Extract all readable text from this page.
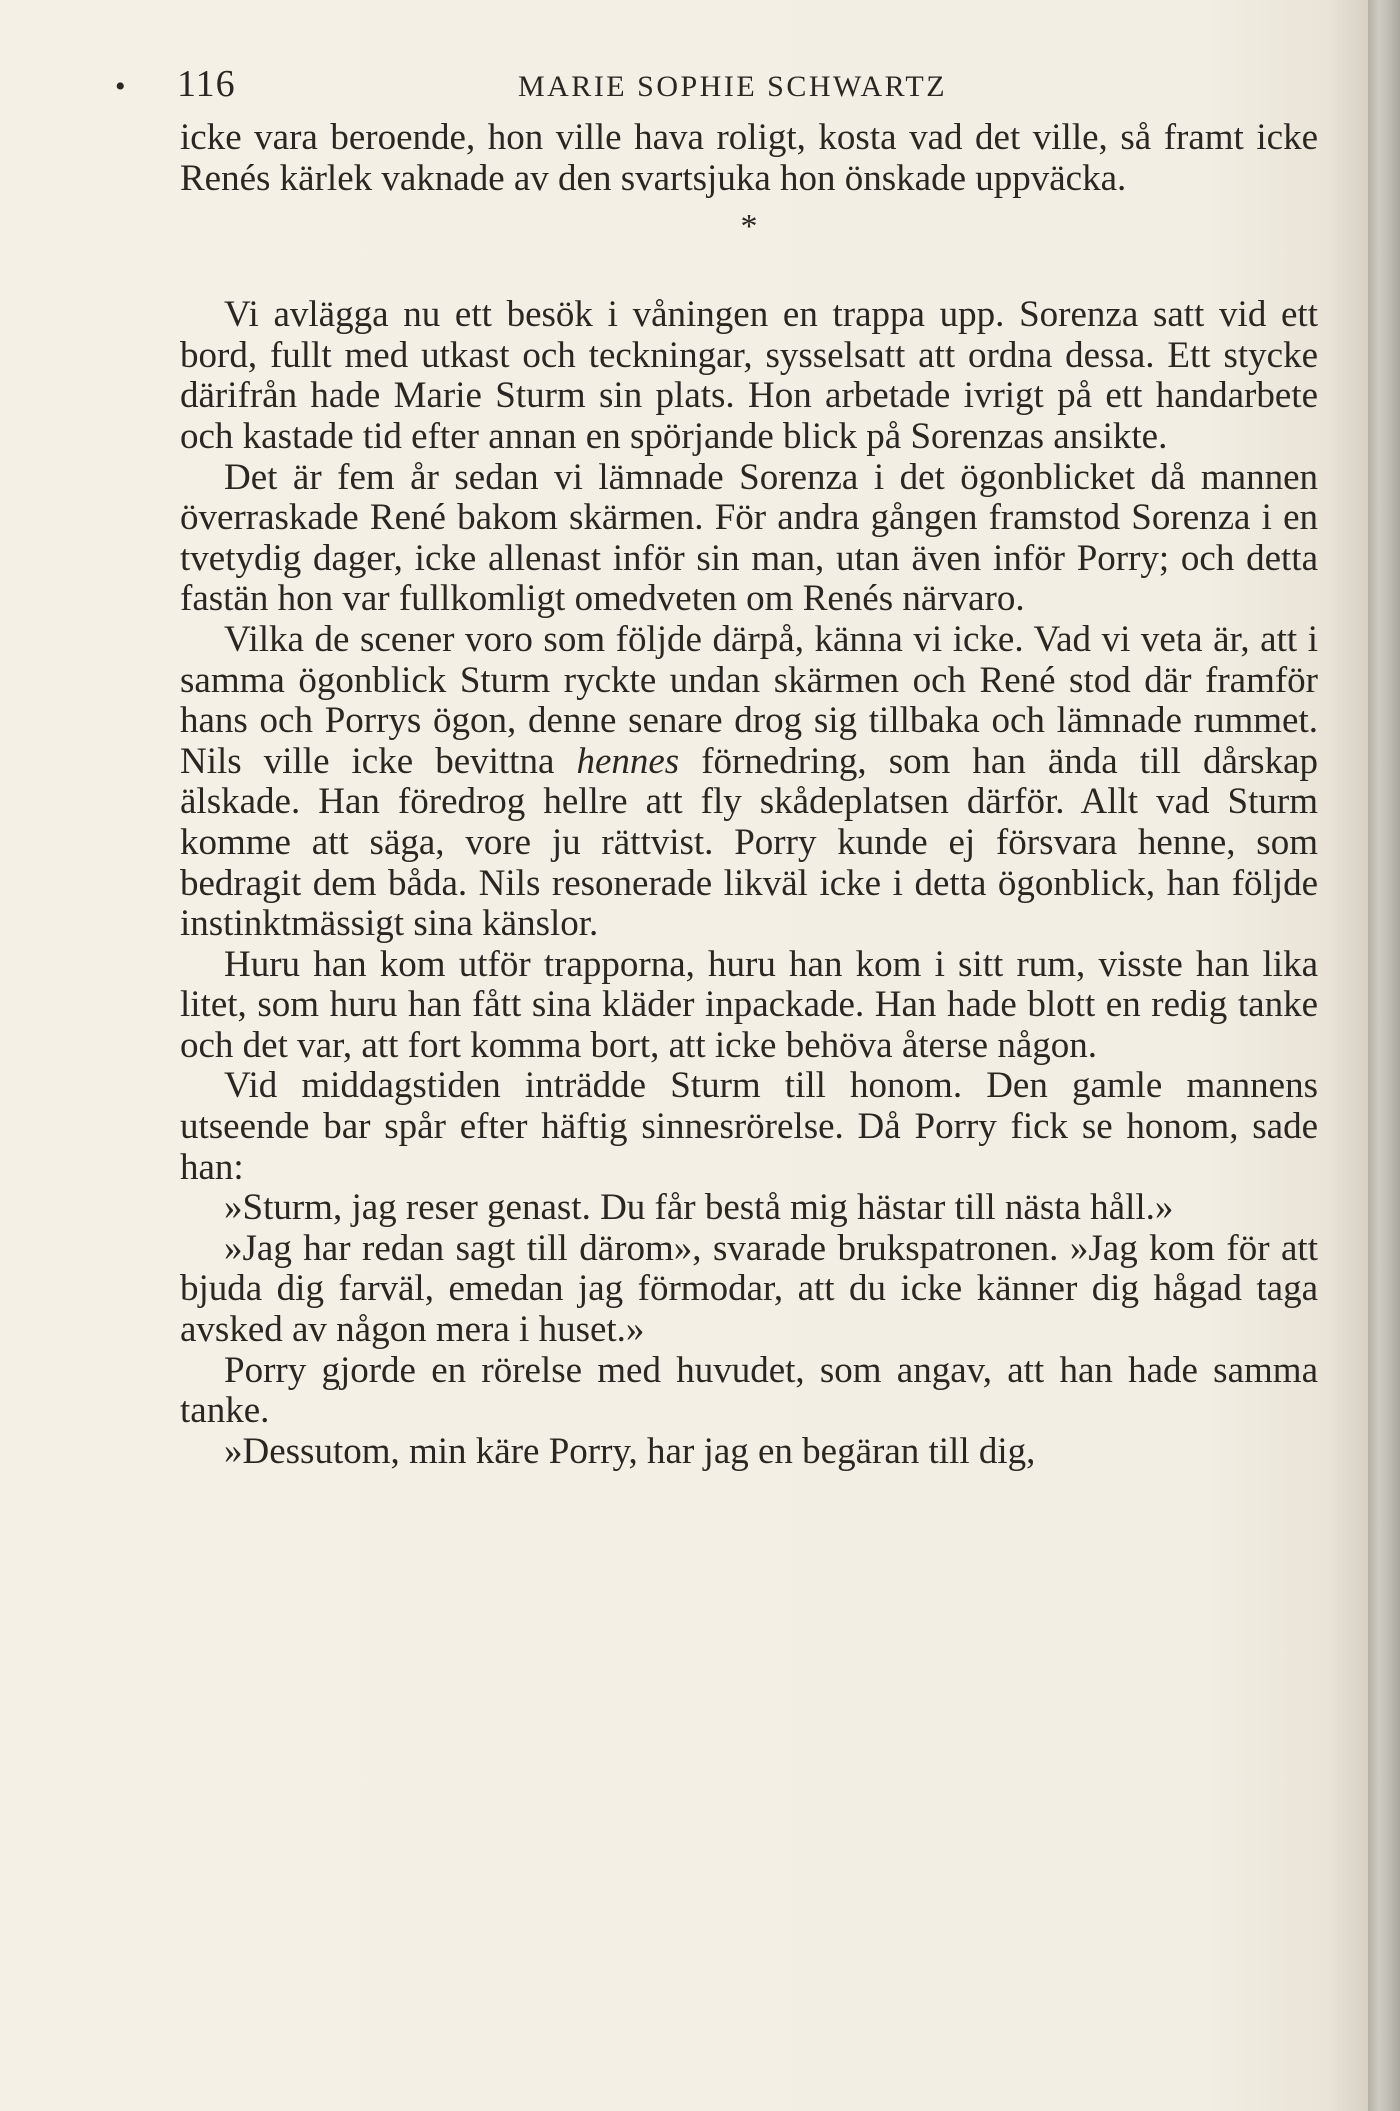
• 116	MARIE SOPHIE SCHWARTZ

icke vara beroende, hon ville hava roligt, kosta vad det ville, så framt icke Renés kärlek vaknade av den svartsjuka hon önskade uppväcka.

*

Vi avlägga nu ett besök i våningen en trappa upp. Sorenza satt vid ett bord, fullt med utkast och teckningar, sysselsatt att ordna dessa. Ett stycke därifrån hade Marie Sturm sin plats. Hon arbetade ivrigt på ett handarbete och kastade tid efter annan en spörjande blick på Sorenzas ansikte.

Det är fem år sedan vi lämnade Sorenza i det ögonblicket då mannen överraskade René bakom skärmen. För andra gången framstod Sorenza i en tvetydig dager, icke allenast inför sin man, utan även inför Porry; och detta fastän hon var fullkomligt omedveten om Renés närvaro.

Vilka de scener voro som följde därpå, känna vi icke. Vad vi veta är, att i samma ögonblick Sturm ryckte undan skärmen och René stod där framför hans och Porrys ögon, denne senare drog sig tillbaka och lämnade rummet. Nils ville icke bevittna hennes förnedring, som han ända till dårskap älskade. Han föredrog hellre att fly skådeplatsen därför. Allt vad Sturm komme att säga, vore ju rättvist. Porry kunde ej försvara henne, som bedragit dem båda. Nils resonerade likväl icke i detta ögonblick, han följde instinktmässigt sina känslor.

Huru han kom utför trapporna, huru han kom i sitt rum, visste han lika litet, som huru han fått sina kläder inpackade. Han hade blott en redig tanke och det var, att fort komma bort, att icke behöva återse någon.

Vid middagstiden inträdde Sturm till honom. Den gamle mannens utseende bar spår efter häftig sinnesrörelse. Då Porry fick se honom, sade han:

»Sturm, jag reser genast. Du får bestå mig hästar till nästa håll.»

»Jag har redan sagt till därom», svarade brukspatronen. »Jag kom för att bjuda dig farväl, emedan jag förmodar, att du icke känner dig hågad taga avsked av någon mera i huset.»

Porry gjorde en rörelse med huvudet, som angav, att han hade samma tanke.

»Dessutom, min käre Porry, har jag en begäran till dig,
